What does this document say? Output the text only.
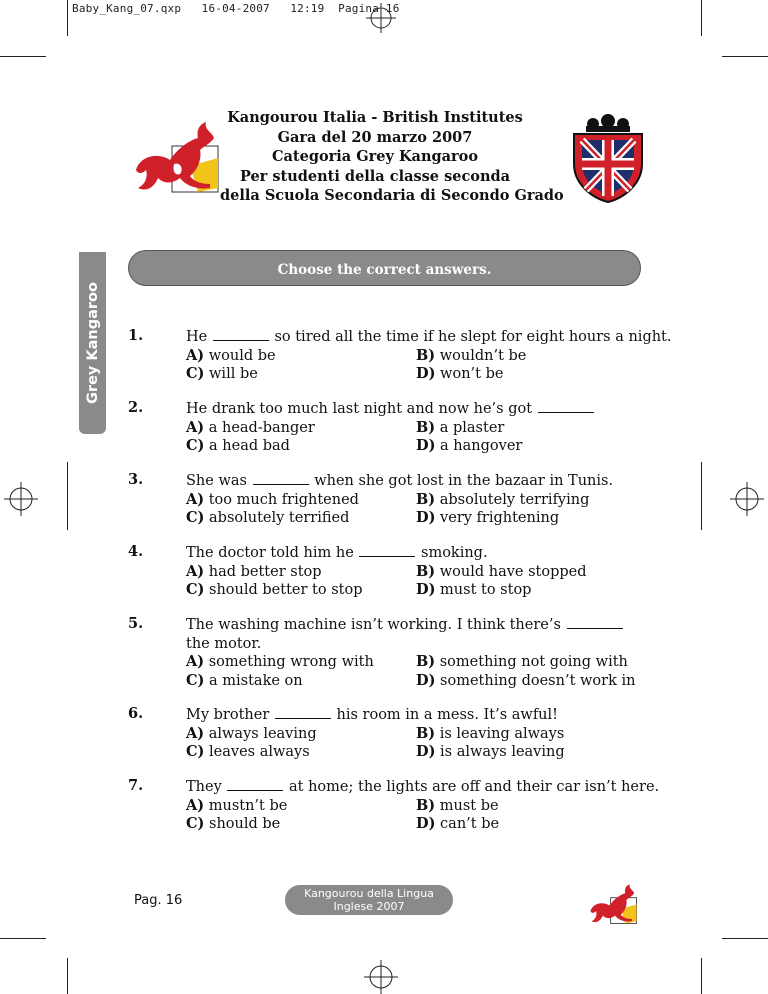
Baby_Kang_07.qxp 16-04-2007 12:19 Pagina 16
Kangourou Italia - British Institutes
Gara del 20 marzo 2007
Categoria Grey Kangaroo
Per studenti della classe seconda
della Scuola Secondaria di Secondo Grado
Grey Kangaroo
Choose the correct answers.
1.	He	so tired all the time if he slept for eight hours a night.
A) would be	B) wouldn’t be
C) will be	D) won’t be
2.	He drank too much last night and now he’s got
A) a head-banger	B) a plaster
C) a head bad	D) a hangover
3.	She was	when she got lost in the bazaar in Tunis.
A) too much frightened	B) absolutely terrifying
C) absolutely terrified	D) very frightening
4.	The doctor told him he	smoking.
A) had better stop	B) would have stopped
C) should better to stop	D) must to stop
5.	The washing machine isn’t working. I think there’s
the motor.
A) something wrong with	B) something not going with
C) a mistake on	D) something doesn’t work in
6.	My brother	his room in a mess. It’s awful!
A) always leaving	B) is leaving always
C) leaves always	D) is always leaving
7.	They	at home; the lights are off and their car isn’t here.
A) mustn’t be	B) must be
C) should be	D) can’t be
Pag. 16	Kangourou della Lingua
Inglese 2007
